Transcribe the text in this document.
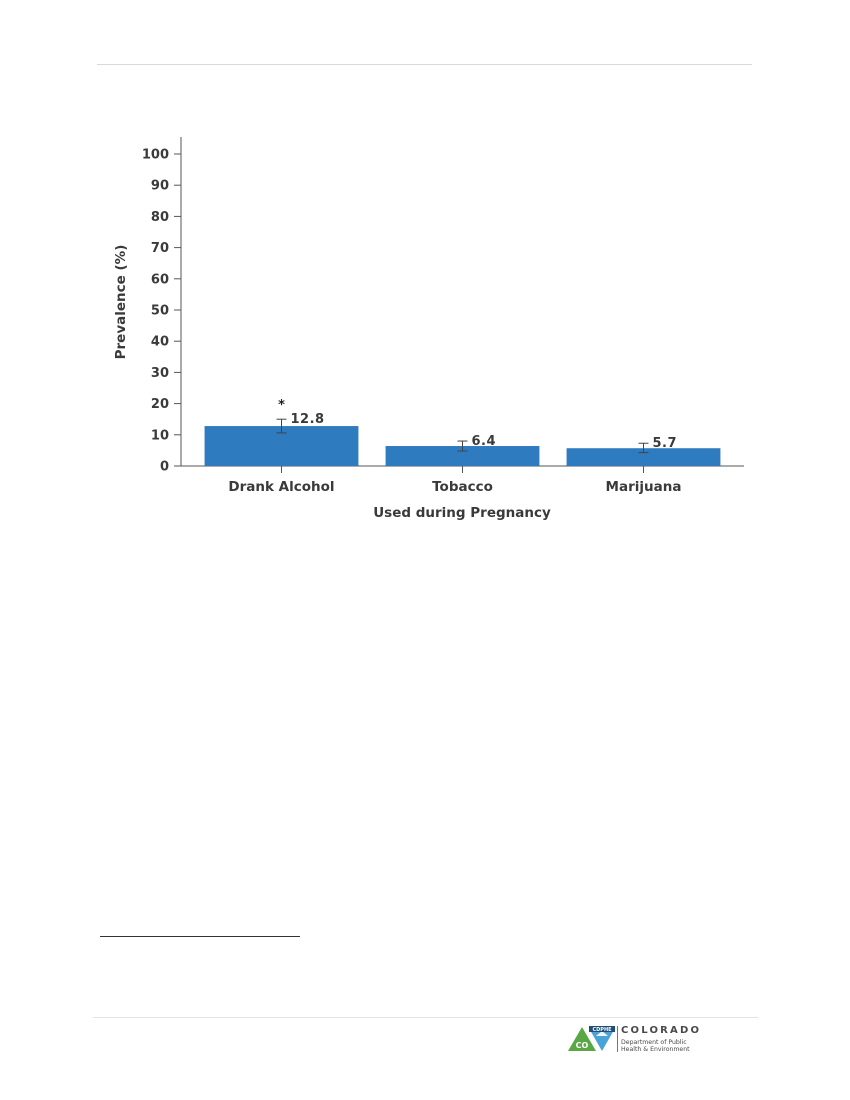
0
10
20
30
40
50
60
70
80
90
100
Drank Alcohol	Tobacco	Marijuana
12.8
*
6.4	5.7
Prevalence (%)
Used during Pregnancy
CDPHE
CO
COLORADO
Department of Public
Health & Environment
